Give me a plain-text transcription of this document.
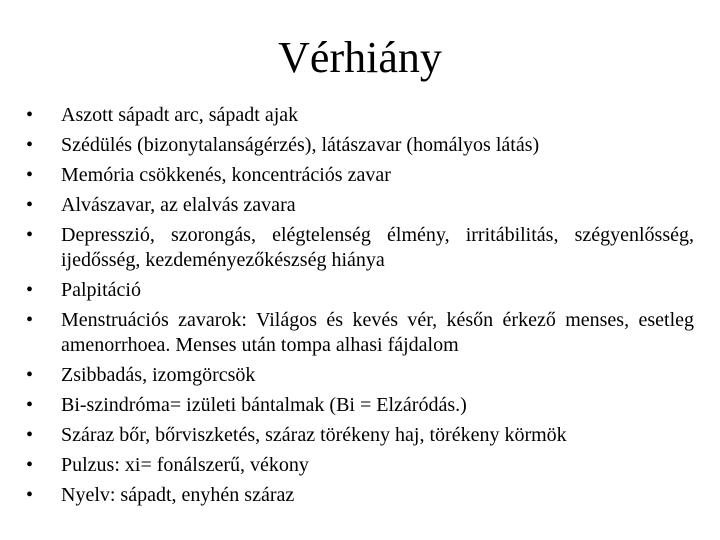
Vérhiány
• Aszott sápadt arc, sápadt ajak
• Szédülés (bizonytalanságérzés), látászavar (homályos látás)
• Memória csökkenés, koncentrációs zavar
• Alvászavar, az elalvás zavara
• Depresszió, szorongás, elégtelenség élmény, irritábilitás, szégyenlősség, ijedősség, kezdeményezőkészség hiánya
• Palpitáció
• Menstruációs zavarok: Világos és kevés vér, későn érkező menses, esetleg amenorrhoea. Menses után tompa alhasi fájdalom
• Zsibbadás, izomgörcsök
• Bi-szindróma= izületi bántalmak (Bi = Elzáródás.)
• Száraz bőr, bőrviszketés, száraz törékeny haj, törékeny körmök
• Pulzus: xi= fonálszerű, vékony
• Nyelv: sápadt, enyhén száraz
